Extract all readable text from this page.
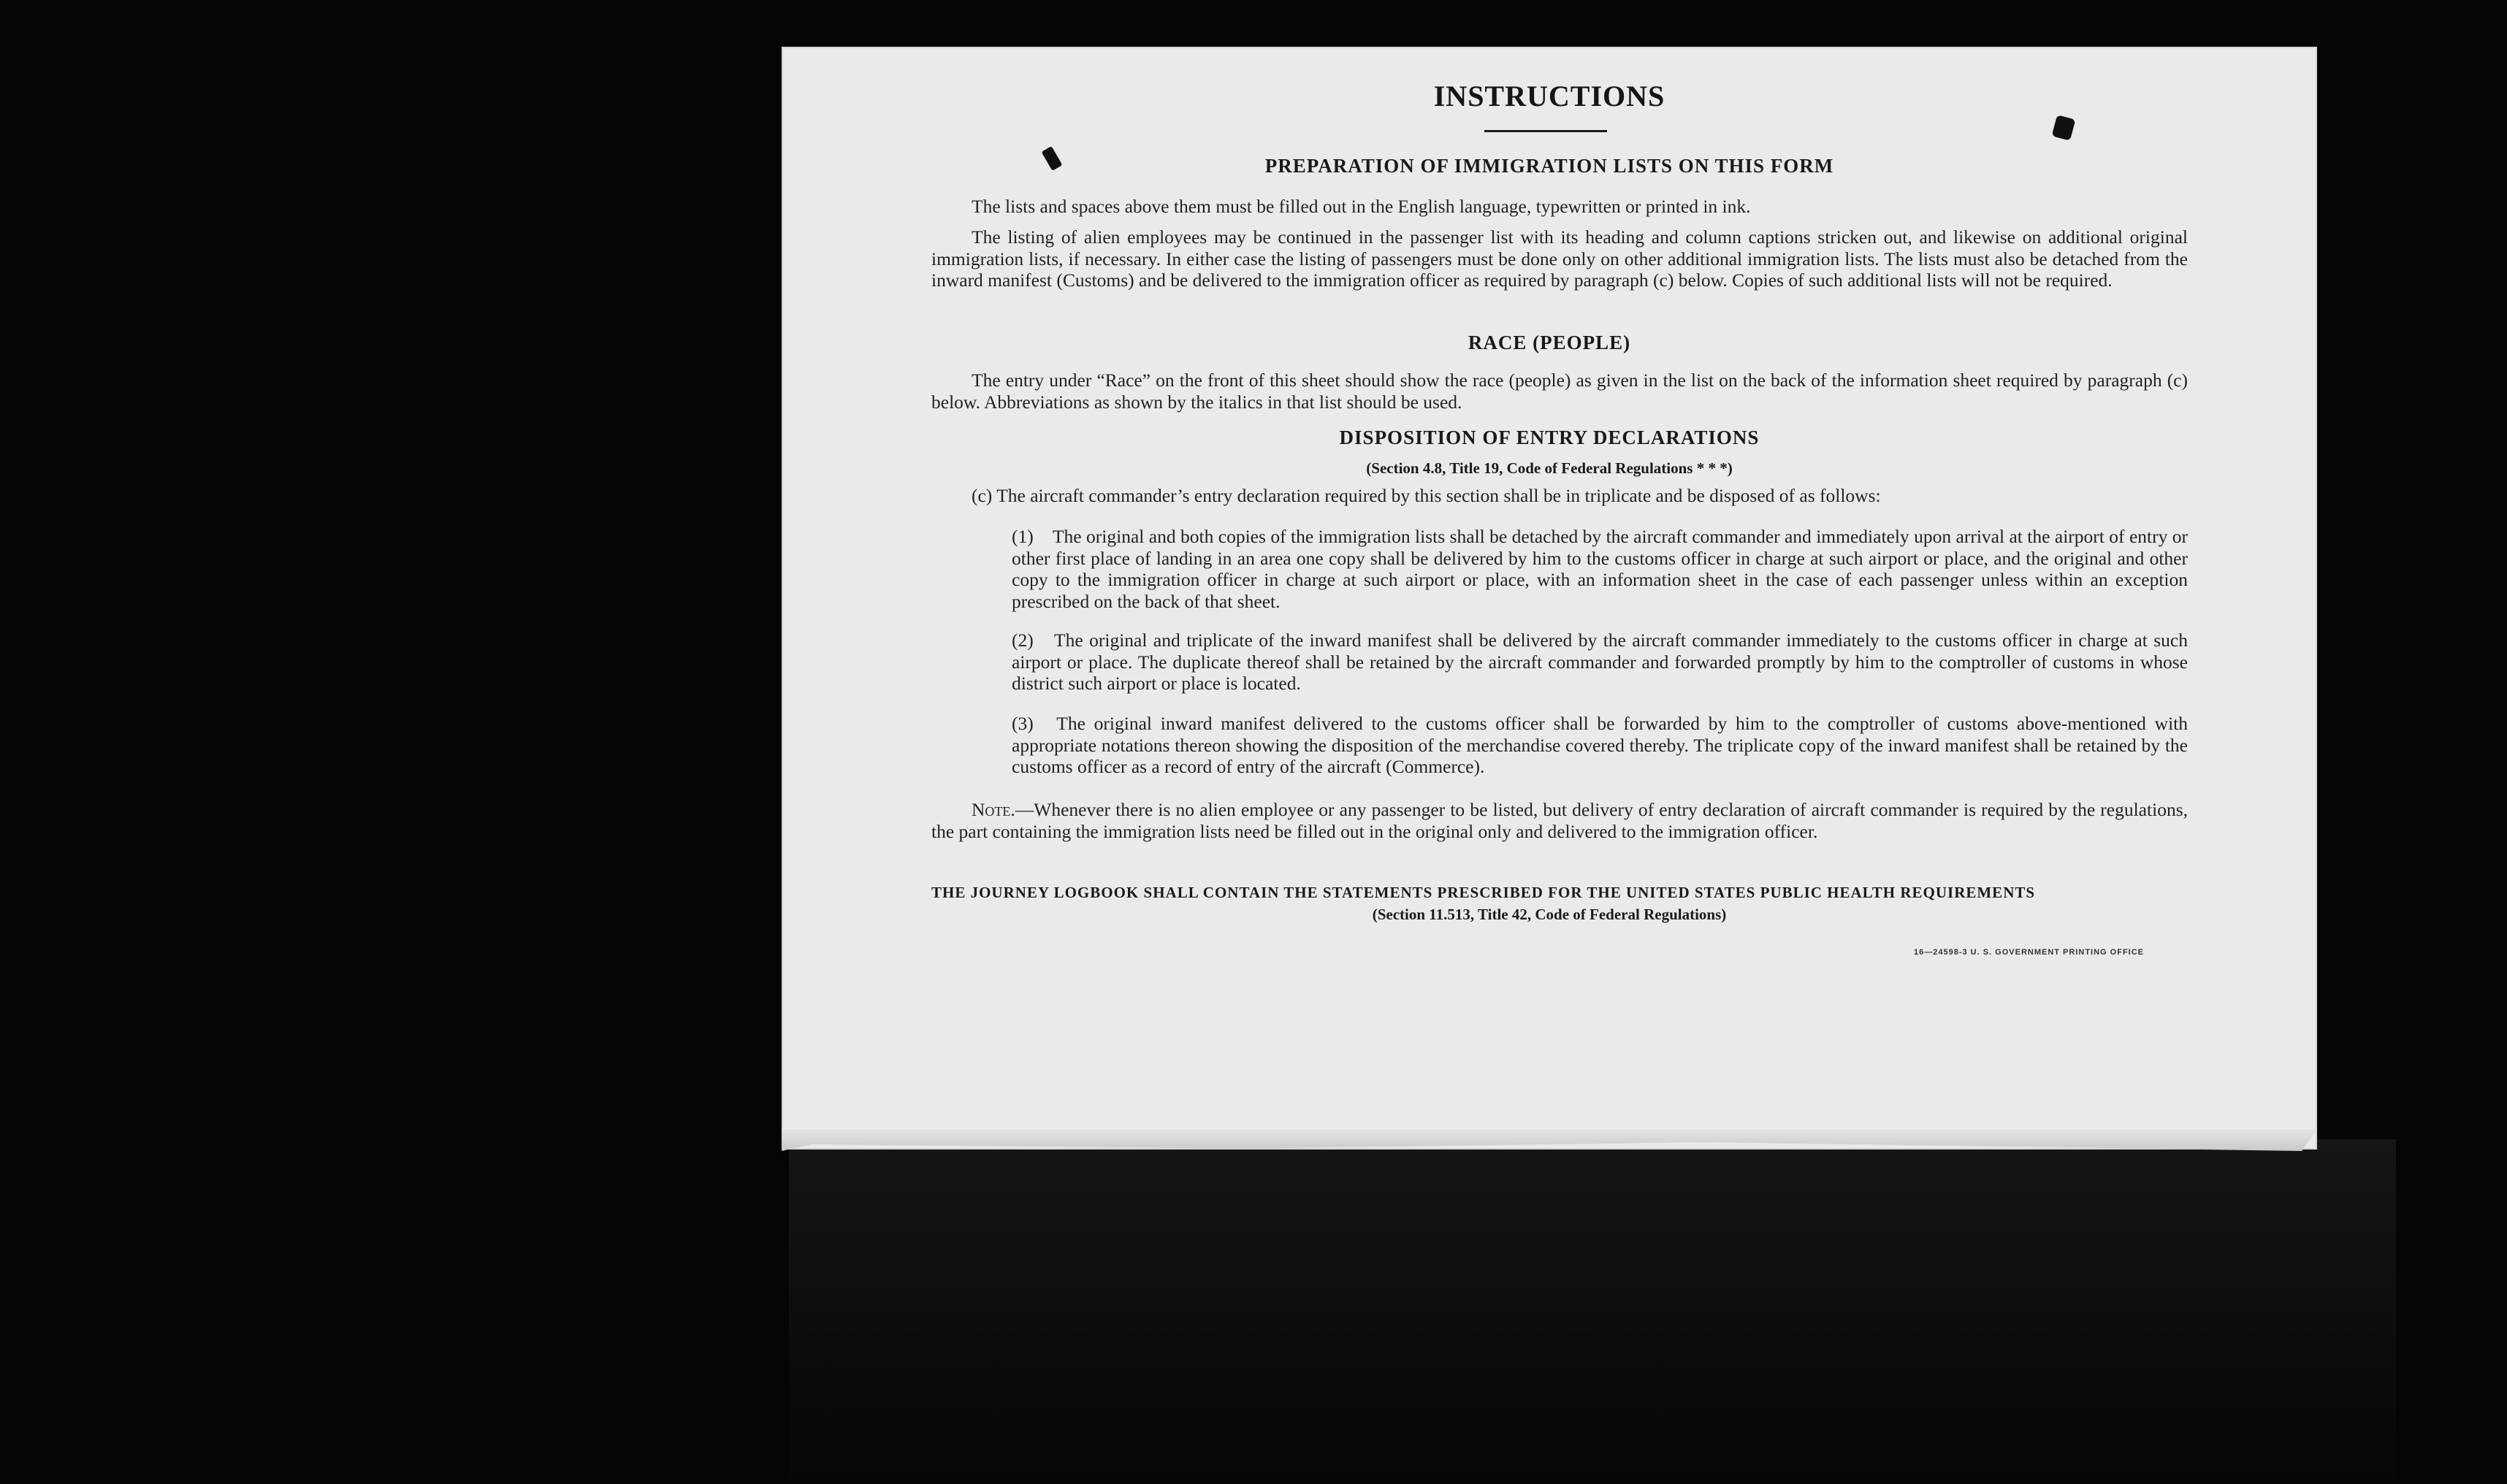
INSTRUCTIONS
PREPARATION OF IMMIGRATION LISTS ON THIS FORM

The lists and spaces above them must be filled out in the English language, typewritten or printed in ink.

The listing of alien employees may be continued in the passenger list with its heading and column captions stricken out, and likewise on additional original immigration lists, if necessary. In either case the listing of passengers must be done only on other additional immigration lists. The lists must also be detached from the inward manifest (Customs) and be delivered to the immigration officer as required by paragraph (c) below. Copies of such additional lists will not be required.

RACE (PEOPLE)

The entry under “Race” on the front of this sheet should show the race (people) as given in the list on the back of the information sheet required by paragraph (c) below. Abbreviations as shown by the italics in that list should be used.

DISPOSITION OF ENTRY DECLARATIONS
(Section 4.8, Title 19, Code of Federal Regulations * * *)

(c) The aircraft commander’s entry declaration required by this section shall be in triplicate and be disposed of as follows:

(1) The original and both copies of the immigration lists shall be detached by the aircraft commander and immediately upon arrival at the airport of entry or other first place of landing in an area one copy shall be delivered by him to the customs officer in charge at such airport or place, and the original and other copy to the immigration officer in charge at such airport or place, with an information sheet in the case of each passenger unless within an exception prescribed on the back of that sheet.
(2) The original and triplicate of the inward manifest shall be delivered by the aircraft commander immediately to the customs officer in charge at such airport or place. The duplicate thereof shall be retained by the aircraft commander and forwarded promptly by him to the comptroller of customs in whose district such airport or place is located.
(3) The original inward manifest delivered to the customs officer shall be forwarded by him to the comptroller of customs above-mentioned with appropriate notations thereon showing the disposition of the merchandise covered thereby. The triplicate copy of the inward manifest shall be retained by the customs officer as a record of entry of the aircraft (Commerce).

Note.—Whenever there is no alien employee or any passenger to be listed, but delivery of entry declaration of aircraft commander is required by the regulations, the part containing the immigration lists need be filled out in the original only and delivered to the immigration officer.

THE JOURNEY LOGBOOK SHALL CONTAIN THE STATEMENTS PRESCRIBED FOR THE UNITED STATES PUBLIC HEALTH REQUIREMENTS
(Section 11.513, Title 42, Code of Federal Regulations)
16—24598-3 U. S. GOVERNMENT PRINTING OFFICE
